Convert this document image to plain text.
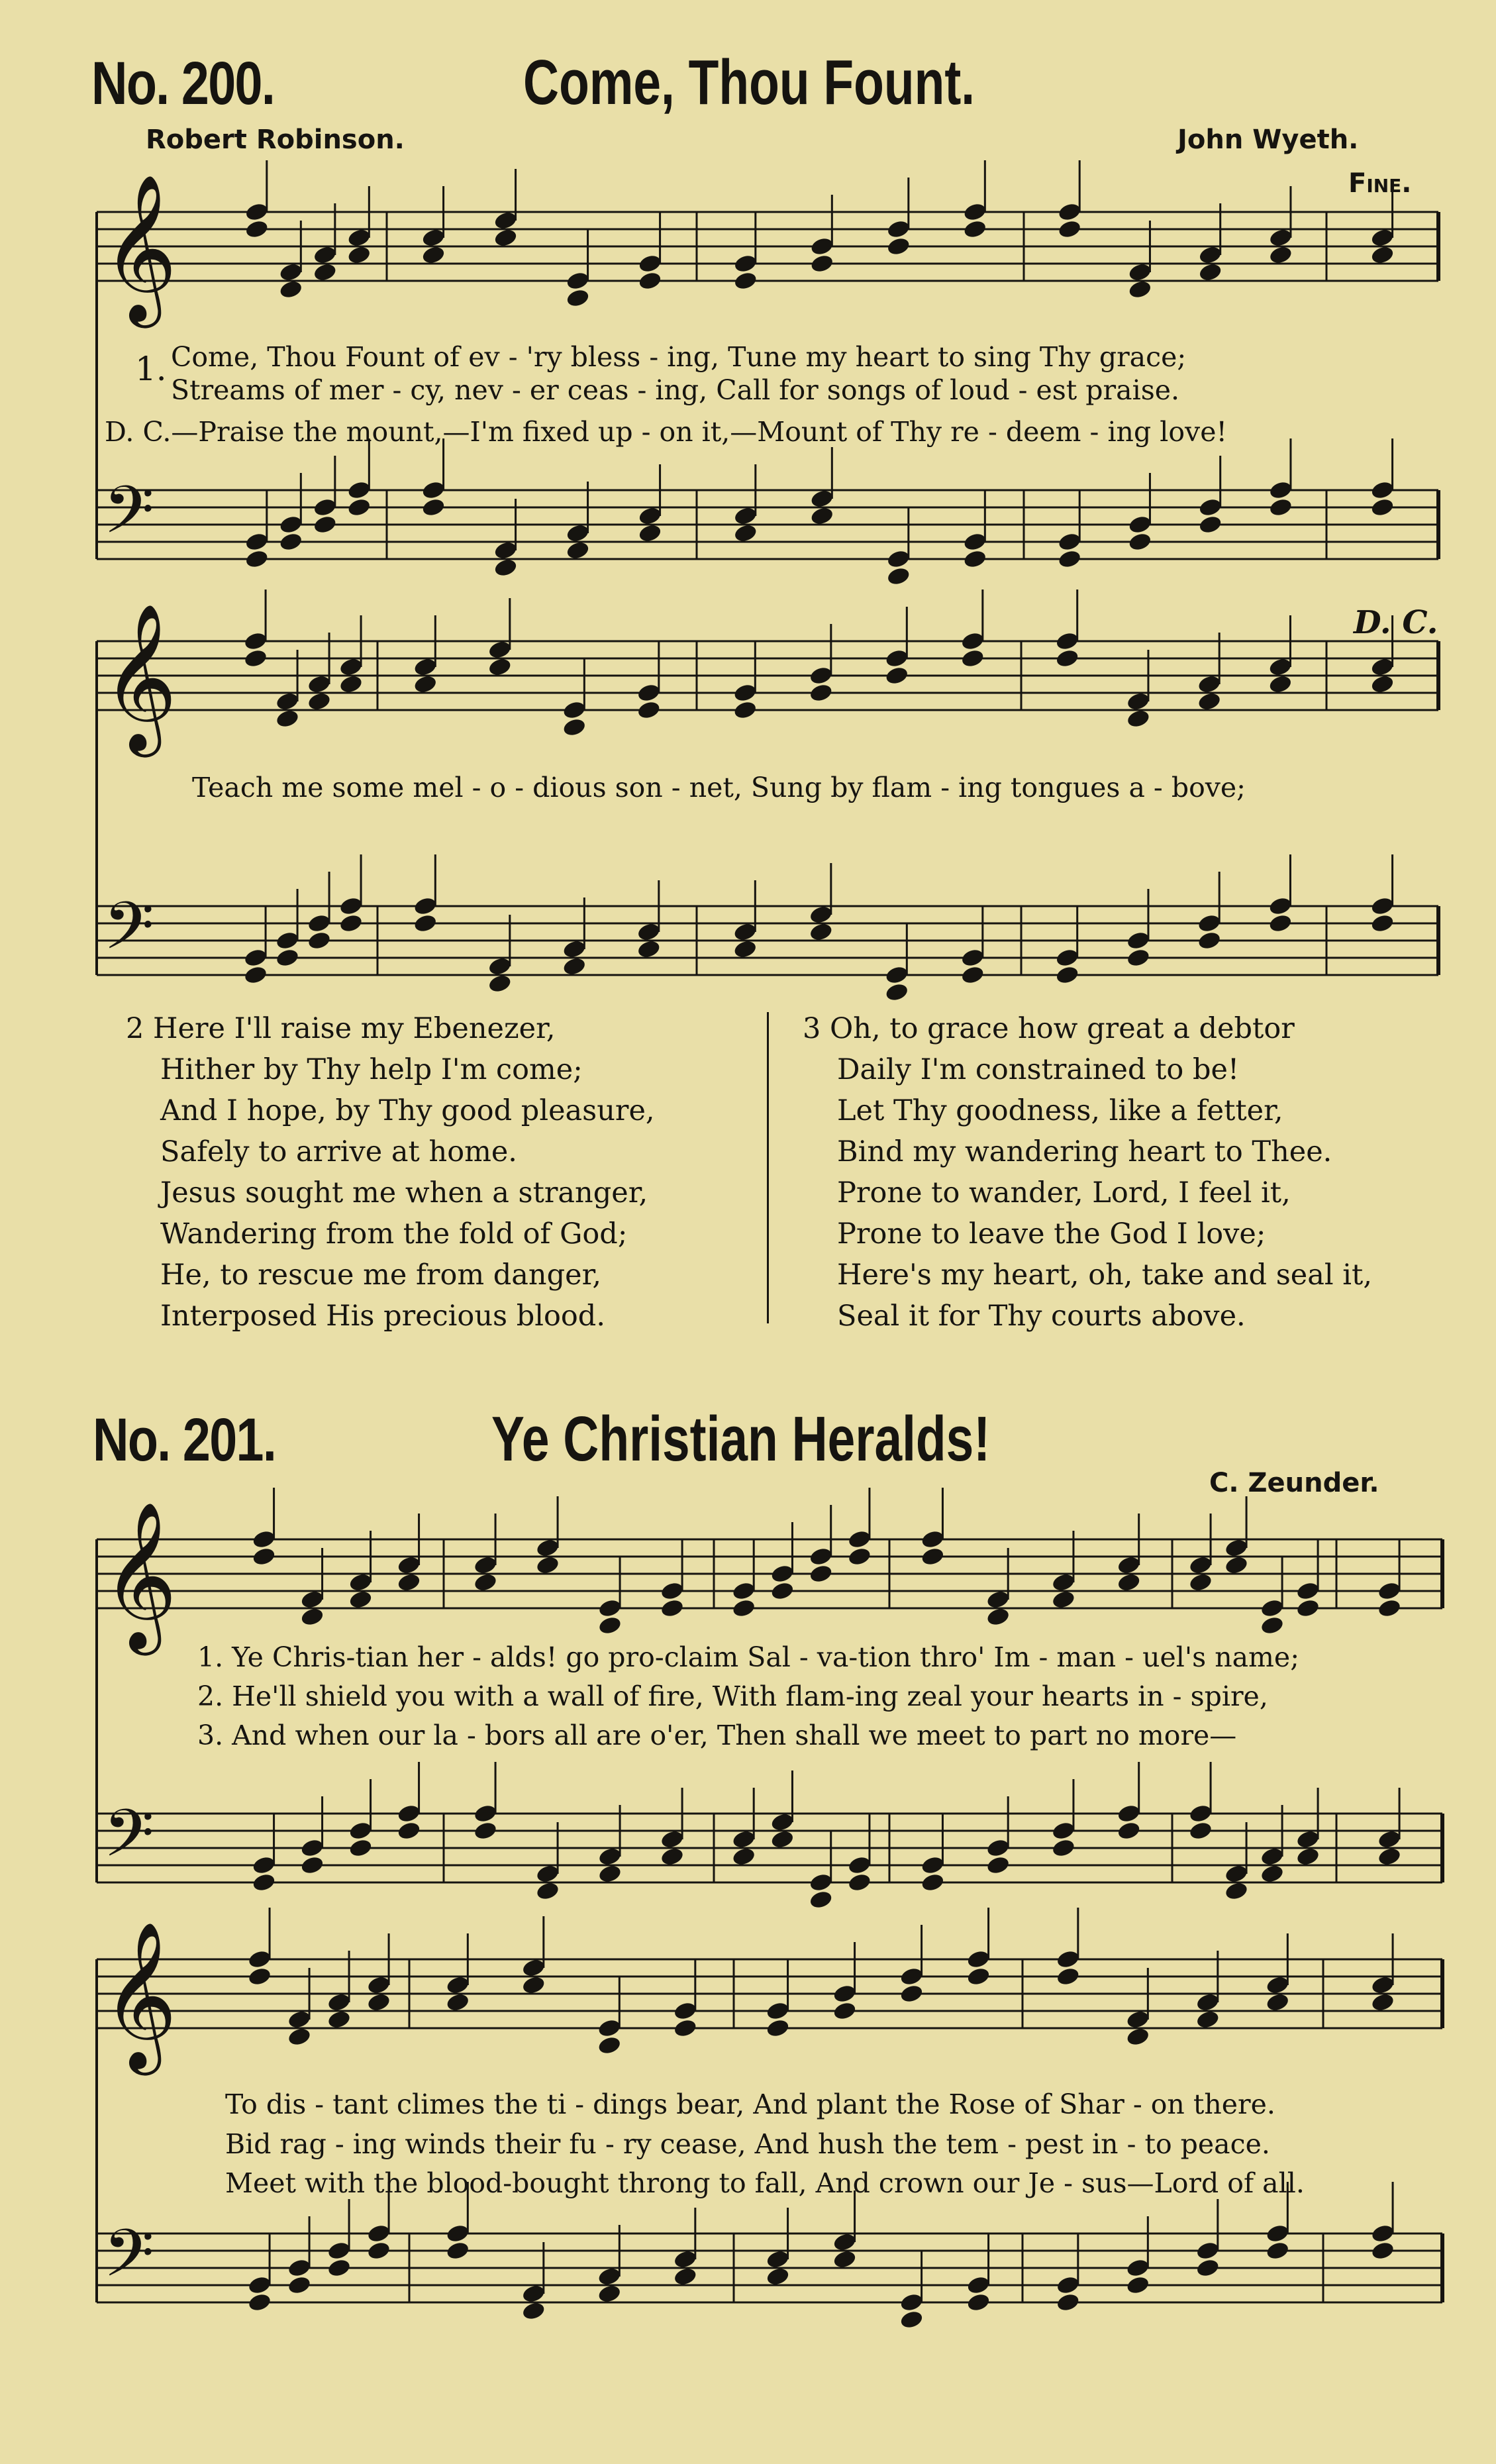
𝄞
𝄢
𝄞
𝄢
𝄞
𝄢
𝄞
𝄢
No. 200.	Come, Thou Fount.
Robert Robinson.	John Wyeth.
Fine.
1. Come, Thou Fount of ev - 'ry bless - ing, Tune my heart to sing Thy grace;
Streams of mer - cy, nev - er ceas - ing, Call for songs of loud - est praise.
D. C.—Praise the mount,—I'm fixed up - on it,—Mount of Thy re - deem - ing love!
D. C.
Teach me some mel - o - dious son - net, Sung by flam - ing tongues a - bove;
2 Here I'll raise my Ebenezer,
Hither by Thy help I'm come;
And I hope, by Thy good pleasure,
Safely to arrive at home.
Jesus sought me when a stranger,
Wandering from the fold of God;
He, to rescue me from danger,
Interposed His precious blood.
3 Oh, to grace how great a debtor
Daily I'm constrained to be!
Let Thy goodness, like a fetter,
Bind my wandering heart to Thee.
Prone to wander, Lord, I feel it,
Prone to leave the God I love;
Here's my heart, oh, take and seal it,
Seal it for Thy courts above.
No. 201.	Ye Christian Heralds!
C. Zeunder.
1. Ye Chris-tian her - alds! go pro-claim Sal - va-tion thro' Im - man - uel's name;
2. He'll shield you with a wall of fire, With flam-ing zeal your hearts in - spire,
3. And when our la - bors all are o'er, Then shall we meet to part no more—
To dis - tant climes the ti - dings bear, And plant the Rose of Shar - on there.
Bid rag - ing winds their fu - ry cease, And hush the tem - pest in - to peace.
Meet with the blood-bought throng to fall, And crown our Je - sus—Lord of all.
